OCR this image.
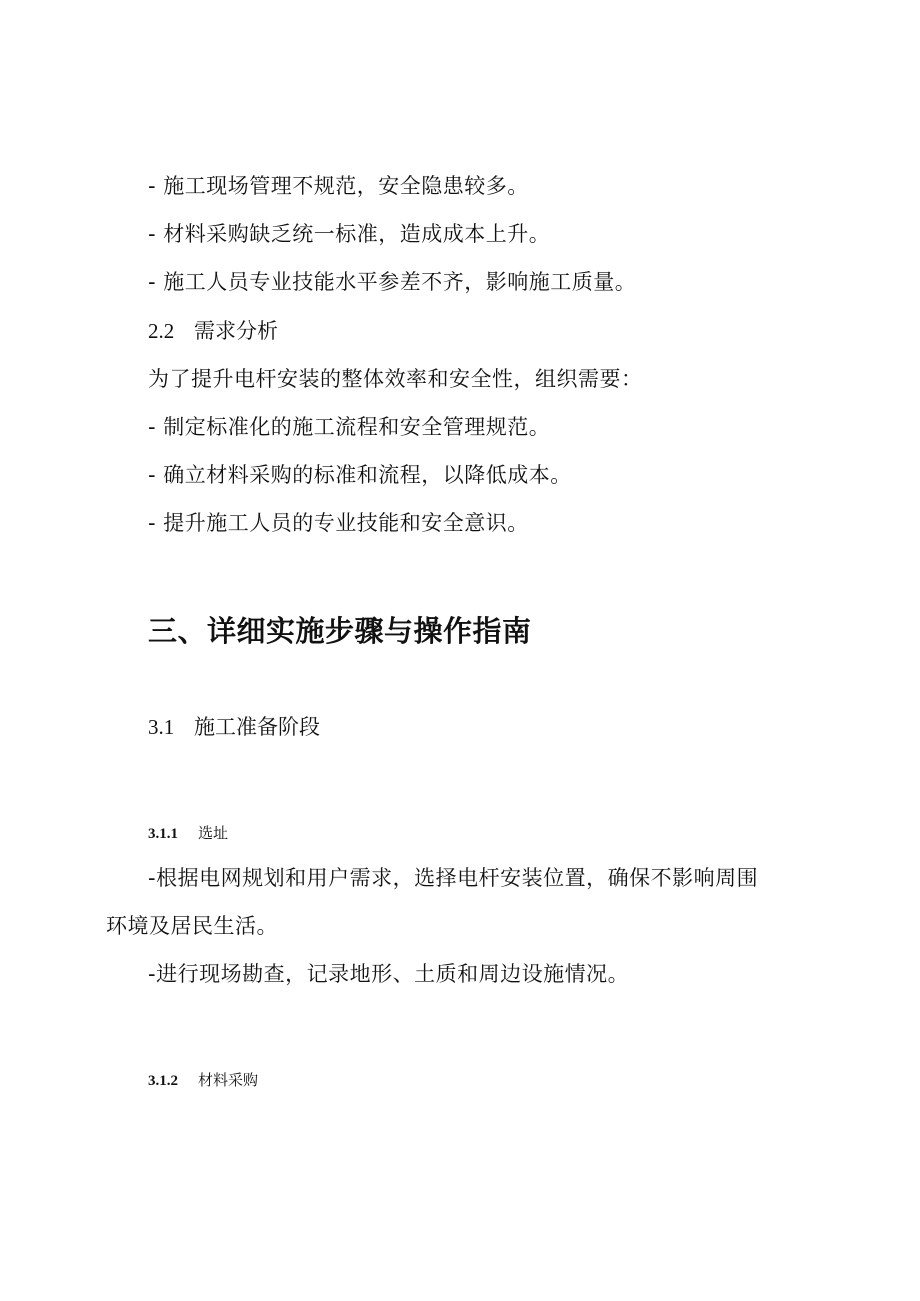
- 施工现场管理不规范，安全隐患较多。
- 材料采购缺乏统一标准，造成成本上升。
- 施工人员专业技能水平参差不齐，影响施工质量。
2.2 需求分析
为了提升电杆安装的整体效率和安全性，组织需要：
- 制定标准化的施工流程和安全管理规范。
- 确立材料采购的标准和流程，以降低成本。
- 提升施工人员的专业技能和安全意识。
三、详细实施步骤与操作指南
3.1 施工准备阶段
3.1.1 选址
-根据电网规划和用户需求，选择电杆安装位置，确保不影响周围
环境及居民生活。
-进行现场勘查，记录地形、土质和周边设施情况。
3.1.2 材料采购
